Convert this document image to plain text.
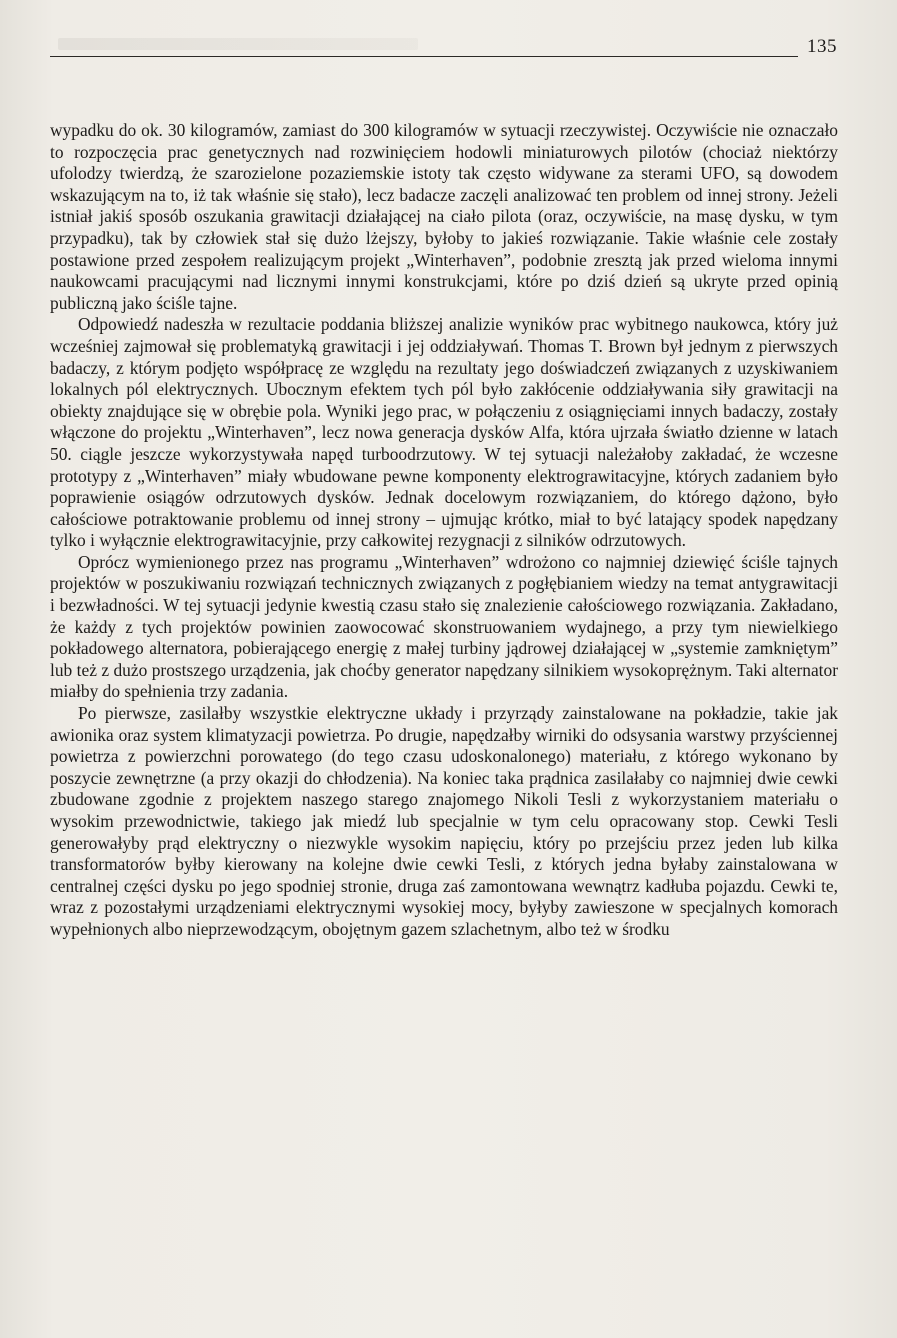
135

wypadku do ok. 30 kilogramów, zamiast do 300 kilogramów w sytuacji rzeczywistej. Oczywiście nie oznaczało to rozpoczęcia prac genetycznych nad rozwinięciem hodowli miniaturowych pilotów (chociaż niektórzy ufolodzy twierdzą, że szarozielone pozaziemskie istoty tak często widywane za sterami UFO, są dowodem wskazującym na to, iż tak właśnie się stało), lecz badacze zaczęli analizować ten problem od innej strony. Jeżeli istniał jakiś sposób oszukania grawitacji działającej na ciało pilota (oraz, oczywiście, na masę dysku, w tym przypadku), tak by człowiek stał się dużo lżejszy, byłoby to jakieś rozwiązanie. Takie właśnie cele zostały postawione przed zespołem realizującym projekt „Winterhaven”, podobnie zresztą jak przed wieloma innymi naukowcami pracującymi nad licznymi innymi konstrukcjami, które po dziś dzień są ukryte przed opinią publiczną jako ściśle tajne.

Odpowiedź nadeszła w rezultacie poddania bliższej analizie wyników prac wybitnego naukowca, który już wcześniej zajmował się problematyką grawitacji i jej oddziaływań. Thomas T. Brown był jednym z pierwszych badaczy, z którym podjęto współpracę ze względu na rezultaty jego doświadczeń związanych z uzyskiwaniem lokalnych pól elektrycznych. Ubocznym efektem tych pól było zakłócenie oddziaływania siły grawitacji na obiekty znajdujące się w obrębie pola. Wyniki jego prac, w połączeniu z osiągnięciami innych badaczy, zostały włączone do projektu „Winterhaven”, lecz nowa generacja dysków Alfa, która ujrzała światło dzienne w latach 50. ciągle jeszcze wykorzystywała napęd turboodrzutowy. W tej sytuacji należałoby zakładać, że wczesne prototypy z „Winterhaven” miały wbudowane pewne komponenty elektrograwitacyjne, których zadaniem było poprawienie osiągów odrzutowych dysków. Jednak docelowym rozwiązaniem, do którego dążono, było całościowe potraktowanie problemu od innej strony – ujmując krótko, miał to być latający spodek napędzany tylko i wyłącznie elektrograwitacyjnie, przy całkowitej rezygnacji z silników odrzutowych.

Oprócz wymienionego przez nas programu „Winterhaven” wdrożono co najmniej dziewięć ściśle tajnych projektów w poszukiwaniu rozwiązań technicznych związanych z pogłębianiem wiedzy na temat antygrawitacji i bezwładności. W tej sytuacji jedynie kwestią czasu stało się znalezienie całościowego rozwiązania. Zakładano, że każdy z tych projektów powinien zaowocować skonstruowaniem wydajnego, a przy tym niewielkiego pokładowego alternatora, pobierającego energię z małej turbiny jądrowej działającej w „systemie zamkniętym” lub też z dużo prostszego urządzenia, jak choćby generator napędzany silnikiem wysokoprężnym. Taki alternator miałby do spełnienia trzy zadania.

Po pierwsze, zasilałby wszystkie elektryczne układy i przyrządy zainstalowane na pokładzie, takie jak awionika oraz system klimatyzacji powietrza. Po drugie, napędzałby wirniki do odsysania warstwy przyściennej powietrza z powierzchni porowatego (do tego czasu udoskonalonego) materiału, z którego wykonano by poszycie zewnętrzne (a przy okazji do chłodzenia). Na koniec taka prądnica zasilałaby co najmniej dwie cewki zbudowane zgodnie z projektem naszego starego znajomego Nikoli Tesli z wykorzystaniem materiału o wysokim przewodnictwie, takiego jak miedź lub specjalnie w tym celu opracowany stop. Cewki Tesli generowałyby prąd elektryczny o niezwykle wysokim napięciu, który po przejściu przez jeden lub kilka transformatorów byłby kierowany na kolejne dwie cewki Tesli, z których jedna byłaby zainstalowana w centralnej części dysku po jego spodniej stronie, druga zaś zamontowana wewnątrz kadłuba pojazdu. Cewki te, wraz z pozostałymi urządzeniami elektrycznymi wysokiej mocy, byłyby zawieszone w specjalnych komorach wypełnionych albo nieprzewodzącym, obojętnym gazem szlachetnym, albo też w środku
